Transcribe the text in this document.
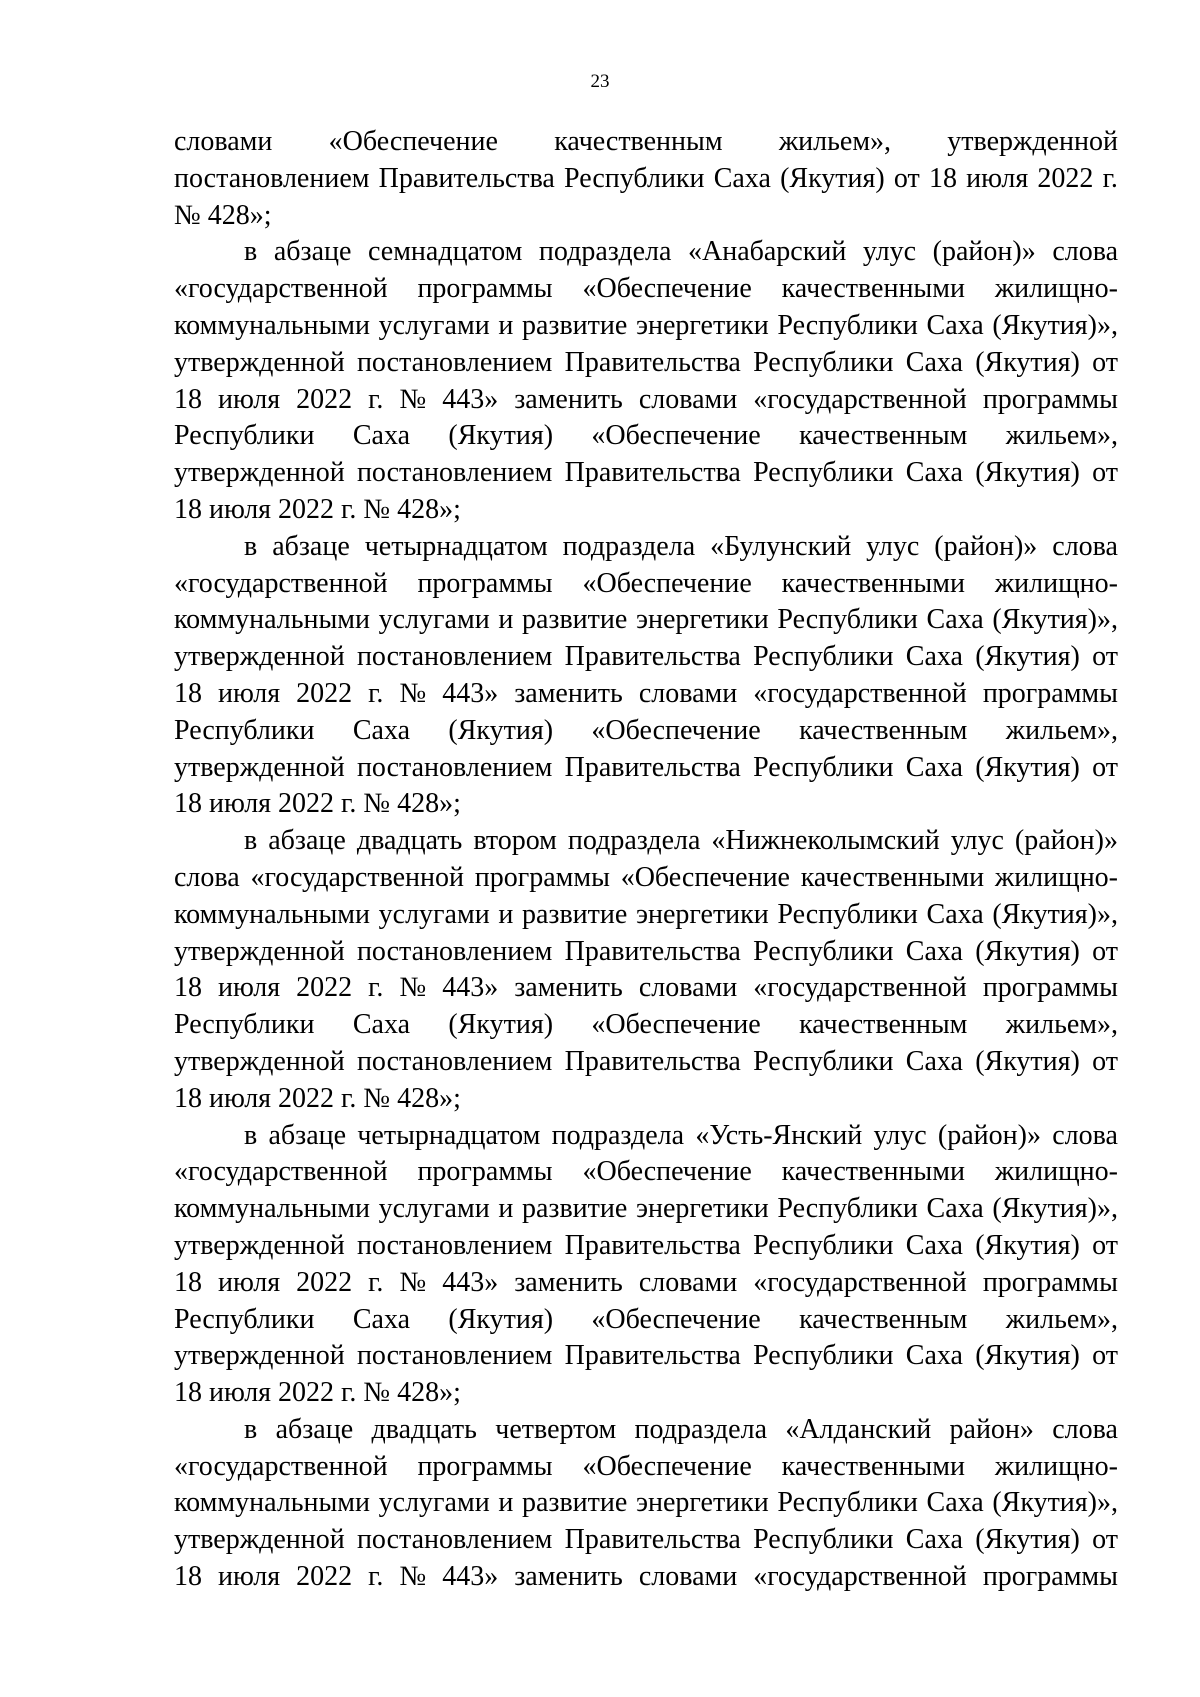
23
словами «Обеспечение качественным жильем», утвержденной
постановлением Правительства Республики Саха (Якутия) от 18 июля 2022 г.
№ 428»;
в абзаце семнадцатом подраздела «Анабарский улус (район)» слова
«государственной программы «Обеспечение качественными жилищно-
коммунальными услугами и развитие энергетики Республики Саха (Якутия)»,
утвержденной постановлением Правительства Республики Саха (Якутия) от
18 июля 2022 г. № 443» заменить словами «государственной программы
Республики Саха (Якутия) «Обеспечение качественным жильем»,
утвержденной постановлением Правительства Республики Саха (Якутия) от
18 июля 2022 г. № 428»;
в абзаце четырнадцатом подраздела «Булунский улус (район)» слова
«государственной программы «Обеспечение качественными жилищно-
коммунальными услугами и развитие энергетики Республики Саха (Якутия)»,
утвержденной постановлением Правительства Республики Саха (Якутия) от
18 июля 2022 г. № 443» заменить словами «государственной программы
Республики Саха (Якутия) «Обеспечение качественным жильем»,
утвержденной постановлением Правительства Республики Саха (Якутия) от
18 июля 2022 г. № 428»;
в абзаце двадцать втором подраздела «Нижнеколымский улус (район)»
слова «государственной программы «Обеспечение качественными жилищно-
коммунальными услугами и развитие энергетики Республики Саха (Якутия)»,
утвержденной постановлением Правительства Республики Саха (Якутия) от
18 июля 2022 г. № 443» заменить словами «государственной программы
Республики Саха (Якутия) «Обеспечение качественным жильем»,
утвержденной постановлением Правительства Республики Саха (Якутия) от
18 июля 2022 г. № 428»;
в абзаце четырнадцатом подраздела «Усть-Янский улус (район)» слова
«государственной программы «Обеспечение качественными жилищно-
коммунальными услугами и развитие энергетики Республики Саха (Якутия)»,
утвержденной постановлением Правительства Республики Саха (Якутия) от
18 июля 2022 г. № 443» заменить словами «государственной программы
Республики Саха (Якутия) «Обеспечение качественным жильем»,
утвержденной постановлением Правительства Республики Саха (Якутия) от
18 июля 2022 г. № 428»;
в абзаце двадцать четвертом подраздела «Алданский район» слова
«государственной программы «Обеспечение качественными жилищно-
коммунальными услугами и развитие энергетики Республики Саха (Якутия)»,
утвержденной постановлением Правительства Республики Саха (Якутия) от
18 июля 2022 г. № 443» заменить словами «государственной программы
